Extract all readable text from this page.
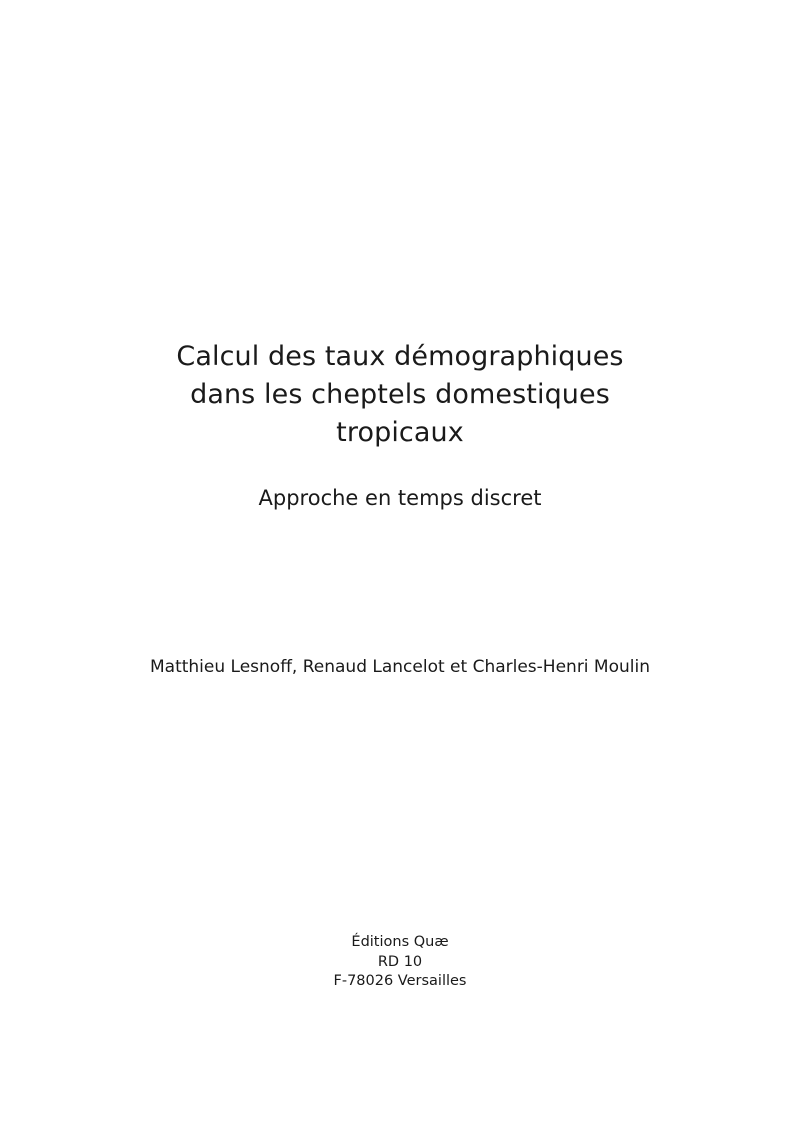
Calcul des taux démographiques
dans les cheptels domestiques
tropicaux
Approche en temps discret
Matthieu Lesnoff, Renaud Lancelot et Charles-Henri Moulin
Éditions Quæ
RD 10
F-78026 Versailles
